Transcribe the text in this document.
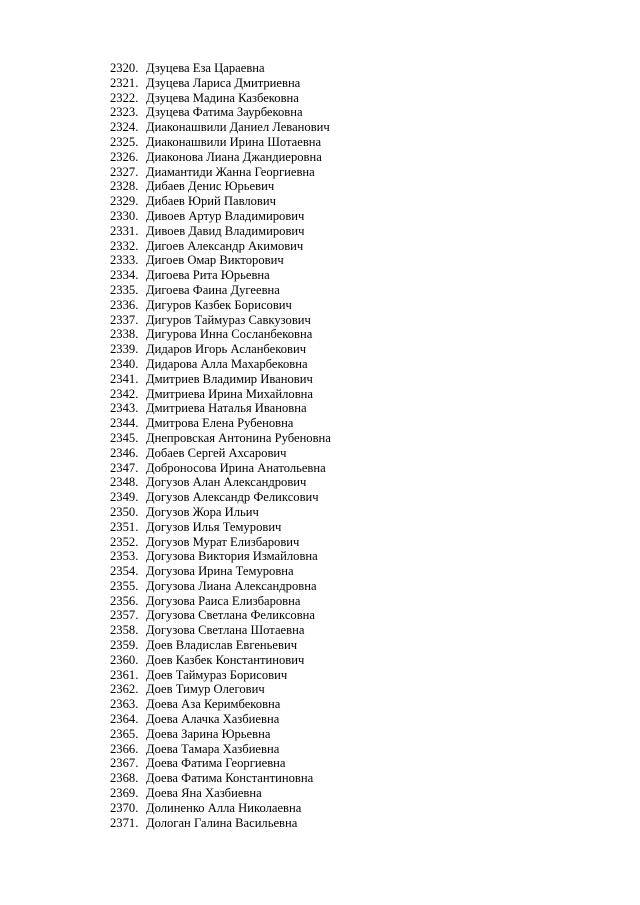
2320. Дзуцева Еза Цараевна
2321. Дзуцева Лариса Дмитриевна
2322. Дзуцева Мадина Казбековна
2323. Дзуцева Фатима Заурбековна
2324. Диаконашвили Даниел Леванович
2325. Диаконашвили Ирина Шотаевна
2326. Диаконова Лиана Джандиеровна
2327. Диамантиди Жанна Георгиевна
2328. Дибаев Денис Юрьевич
2329. Дибаев Юрий Павлович
2330. Дивоев Артур Владимирович
2331. Дивоев Давид Владимирович
2332. Дигоев Александр Акимович
2333. Дигоев Омар Викторович
2334. Дигоева Рита Юрьевна
2335. Дигоева Фаина Дугеевна
2336. Дигуров Казбек Борисович
2337. Дигуров Таймураз Савкузович
2338. Дигурова Инна Сосланбековна
2339. Дидаров Игорь Асланбекович
2340. Дидарова Алла Махарбековна
2341. Дмитриев Владимир Иванович
2342. Дмитриева Ирина Михайловна
2343. Дмитриева Наталья Ивановна
2344. Дмитрова Елена Рубеновна
2345. Днепровская Антонина Рубеновна
2346. Добаев Сергей Ахсарович
2347. Доброносова Ирина Анатольевна
2348. Догузов Алан Александрович
2349. Догузов Александр Феликсович
2350. Догузов Жора Ильич
2351. Догузов Илья Темурович
2352. Догузов Мурат Елизбарович
2353. Догузова Виктория Измайловна
2354. Догузова Ирина Темуровна
2355. Догузова Лиана Александровна
2356. Догузова Раиса Елизбаровна
2357. Догузова Светлана Феликсовна
2358. Догузова Светлана Шотаевна
2359. Доев Владислав Евгеньевич
2360. Доев Казбек Константинович
2361. Доев Таймураз Борисович
2362. Доев Тимур Олегович
2363. Доева Аза Керимбековна
2364. Доева Алачка Хазбиевна
2365. Доева Зарина Юрьевна
2366. Доева Тамара Хазбиевна
2367. Доева Фатима Георгиевна
2368. Доева Фатима Константиновна
2369. Доева Яна Хазбиевна
2370. Долиненко Алла Николаевна
2371. Дологан Галина Васильевна
